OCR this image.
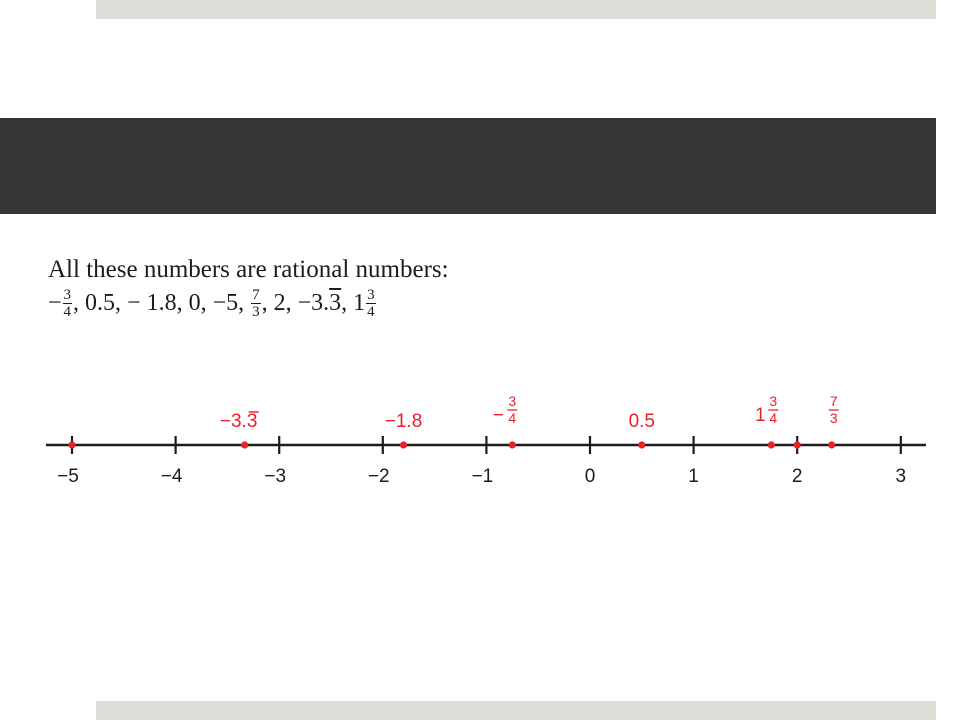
All these numbers are rational numbers:
− $\frac{3}{4}$ , 0.5, − 1.8, 0, −5, $\frac{7}{3}$ , 2, −3. 3 , $1 \frac{3}{4}$
−5	−4	−3	−2	−1	0	1	2	3
−3.3	−1.8	−
3
4	0.5	1
3
4
7
3
